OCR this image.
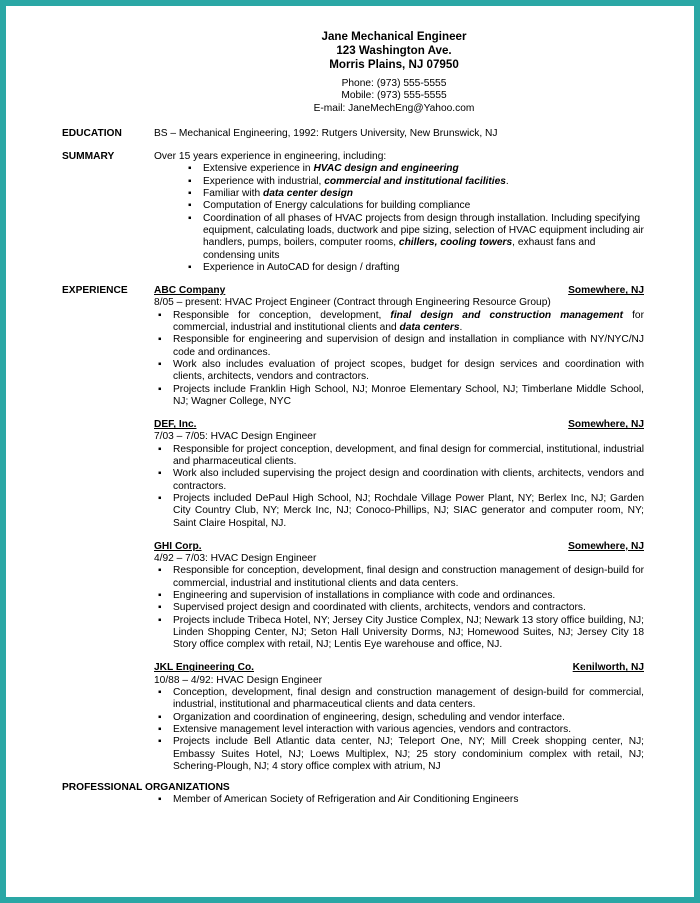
Jane Mechanical Engineer
123 Washington Ave.
Morris Plains, NJ 07950
Phone: (973) 555-5555
Mobile: (973) 555-5555
E-mail: JaneMechEng@Yahoo.com
EDUCATION	BS – Mechanical Engineering, 1992: Rutgers University, New Brunswick, NJ
SUMMARY	Over 15 years experience in engineering, including:
▪ Extensive experience in HVAC design and engineering
▪ Experience with industrial, commercial and institutional facilities.
▪ Familiar with data center design
▪ Computation of Energy calculations for building compliance
▪ Coordination of all phases of HVAC projects from design through installation. Including specifying equipment, calculating loads, ductwork and pipe sizing, selection of HVAC equipment including air handlers, pumps, boilers, computer rooms, chillers, cooling towers, exhaust fans and condensing units
▪ Experience in AutoCAD for design / drafting
EXPERIENCE	ABC Company	Somewhere, NJ
8/05 – present: HVAC Project Engineer (Contract through Engineering Resource Group)
▪ Responsible for conception, development, final design and construction management for commercial, industrial and institutional clients and data centers.
▪ Responsible for engineering and supervision of design and installation in compliance with NY/NYC/NJ code and ordinances.
▪ Work also includes evaluation of project scopes, budget for design services and coordination with clients, architects, vendors and contractors.
▪ Projects include Franklin High School, NJ; Monroe Elementary School, NJ; Timberlane Middle School, NJ; Wagner College, NYC
DEF, Inc.	Somewhere, NJ
7/03 – 7/05: HVAC Design Engineer
▪ Responsible for project conception, development, and final design for commercial, institutional, industrial and pharmaceutical clients.
▪ Work also included supervising the project design and coordination with clients, architects, vendors and contractors.
▪ Projects included DePaul High School, NJ; Rochdale Village Power Plant, NY; Berlex Inc, NJ; Garden City Country Club, NY; Merck Inc, NJ; Conoco-Phillips, NJ; SIAC generator and computer room, NY; Saint Claire Hospital, NJ.
GHI Corp.	Somewhere, NJ
4/92 – 7/03: HVAC Design Engineer
▪ Responsible for conception, development, final design and construction management of design-build for commercial, industrial and institutional clients and data centers.
▪ Engineering and supervision of installations in compliance with code and ordinances.
▪ Supervised project design and coordinated with clients, architects, vendors and contractors.
▪ Projects include Tribeca Hotel, NY; Jersey City Justice Complex, NJ; Newark 13 story office building, NJ; Linden Shopping Center, NJ; Seton Hall University Dorms, NJ; Homewood Suites, NJ; Jersey City 18 Story office complex with retail, NJ; Lentis Eye warehouse and office, NJ.
JKL Engineering Co.	Kenilworth, NJ
10/88 – 4/92: HVAC Design Engineer
▪ Conception, development, final design and construction management of design-build for commercial, industrial, institutional and pharmaceutical clients and data centers.
▪ Organization and coordination of engineering, design, scheduling and vendor interface.
▪ Extensive management level interaction with various agencies, vendors and contractors.
▪ Projects include Bell Atlantic data center, NJ; Teleport One, NY; Mill Creek shopping center, NJ; Embassy Suites Hotel, NJ; Loews Multiplex, NJ; 25 story condominium complex with retail, NJ; Schering-Plough, NJ; 4 story office complex with atrium, NJ
PROFESSIONAL ORGANIZATIONS
▪ Member of American Society of Refrigeration and Air Conditioning Engineers
